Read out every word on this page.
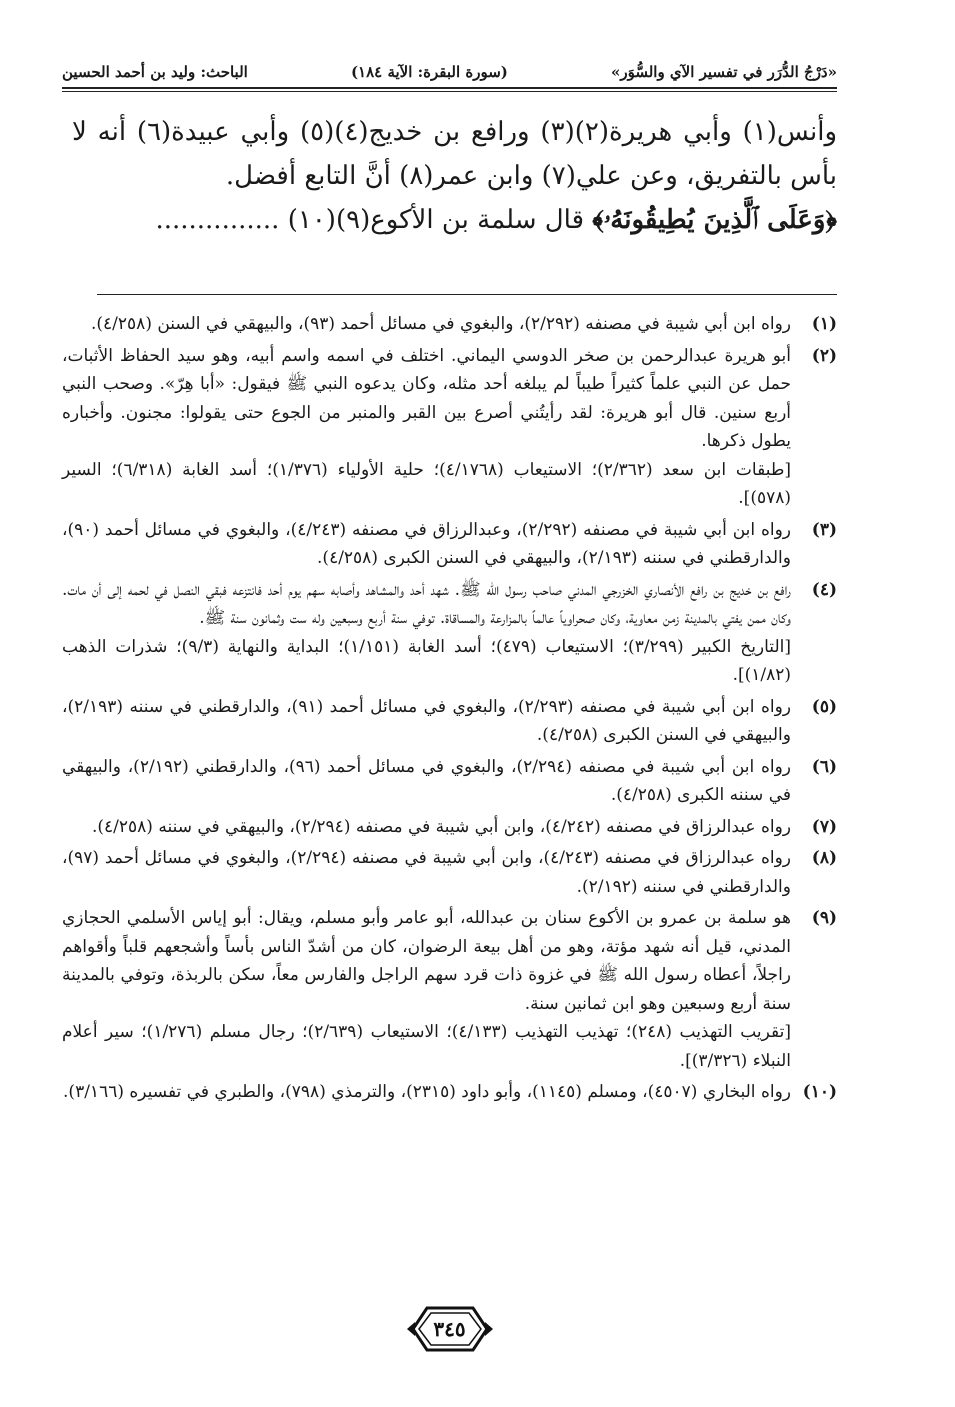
«دَرْجُ الدُّرَر في تفسير الآي والسُّوَر»
(سورة البقرة: الآية ١٨٤)
الباحث: وليد بن أحمد الحسين

وأنس(١) وأبي هريرة(٢)(٣) ورافع بن خديج(٤)(٥) وأبي عبيدة(٦) أنه لا بأس بالتفريق، وعن علي(٧) وابن عمر(٨) أنَّ التابع أفضل.

﴿وَعَلَى ٱلَّذِينَ يُطِيقُونَهُۥ﴾ قال سلمة بن الأكوع(٩)(١٠) ...............

(١)

رواه ابن أبي شيبة في مصنفه (٢/٢٩٢)، والبغوي في مسائل أحمد (٩٣)، والبيهقي في السنن (٤/٢٥٨).

(٢)

أبو هريرة عبدالرحمن بن صخر الدوسي اليماني. اختلف في اسمه واسم أبيه، وهو سيد الحفاظ الأثبات، حمل عن النبي علماً كثيراً طيباً لم يبلغه أحد مثله، وكان يدعوه النبي ﷺ فيقول: «أبا هِرّ». وصحب النبي أربع سنين. قال أبو هريرة: لقد رأيتُني أصرع بين القبر والمنبر من الجوع حتى يقولوا: مجنون. وأخباره يطول ذكرها.

[طبقات ابن سعد (٢/٣٦٢)؛ الاستيعاب (٤/١٧٦٨)؛ حلية الأولياء (١/٣٧٦)؛ أسد الغابة (٦/٣١٨)؛ السير (٥٧٨)].

(٣)

رواه ابن أبي شيبة في مصنفه (٢/٢٩٢)، وعبدالرزاق في مصنفه (٤/٢٤٣)، والبغوي في مسائل أحمد (٩٠)، والدارقطني في سننه (٢/١٩٣)، والبيهقي في السنن الكبرى (٤/٢٥٨).

(٤)

رافع بن خديج بن رافع الأنصاري الخزرجي المدني صاحب رسول الله ﷺ. شهد أحد والمشاهد وأصابه سهم يوم أحد فانتزعه فبقي النصل في لحمه إلى أن مات. وكان ممن يفتي بالمدينة زمن معاوية، وكان صحراوياً عالماً بالمزارعة والمساقاة. توفي سنة أربع وسبعين وله ست وثمانون سنة ﷺ.

[التاريخ الكبير (٣/٢٩٩)؛ الاستيعاب (٤٧٩)؛ أسد الغابة (١/١٥١)؛ البداية والنهاية (٩/٣)؛ شذرات الذهب (١/٨٢)].

(٥)

رواه ابن أبي شيبة في مصنفه (٢/٢٩٣)، والبغوي في مسائل أحمد (٩١)، والدارقطني في سننه (٢/١٩٣)، والبيهقي في السنن الكبرى (٤/٢٥٨).

(٦)

رواه ابن أبي شيبة في مصنفه (٢/٢٩٤)، والبغوي في مسائل أحمد (٩٦)، والدارقطني (٢/١٩٢)، والبيهقي في سننه الكبرى (٤/٢٥٨).

(٧)

رواه عبدالرزاق في مصنفه (٤/٢٤٢)، وابن أبي شيبة في مصنفه (٢/٢٩٤)، والبيهقي في سننه (٤/٢٥٨).

(٨)

رواه عبدالرزاق في مصنفه (٤/٢٤٣)، وابن أبي شيبة في مصنفه (٢/٢٩٤)، والبغوي في مسائل أحمد (٩٧)، والدارقطني في سننه (٢/١٩٢).

(٩)

هو سلمة بن عمرو بن الأكوع سنان بن عبدالله، أبو عامر وأبو مسلم، ويقال: أبو إياس الأسلمي الحجازي المدني، قيل أنه شهد مؤتة، وهو من أهل بيعة الرضوان، كان من أشدّ الناس بأساً وأشجعهم قلباً وأقواهم راجلاً، أعطاه رسول الله ﷺ في غزوة ذات قرد سهم الراجل والفارس معاً، سكن بالربذة، وتوفي بالمدينة سنة أربع وسبعين وهو ابن ثمانين سنة.

[تقريب التهذيب (٢٤٨)؛ تهذيب التهذيب (٤/١٣٣)؛ الاستيعاب (٢/٦٣٩)؛ رجال مسلم (١/٢٧٦)؛ سير أعلام النبلاء (٣/٣٢٦)].

(١٠)

رواه البخاري (٤٥٠٧)، ومسلم (١١٤٥)، وأبو داود (٢٣١٥)، والترمذي (٧٩٨)، والطبري في تفسيره (٣/١٦٦).

٣٤٥
